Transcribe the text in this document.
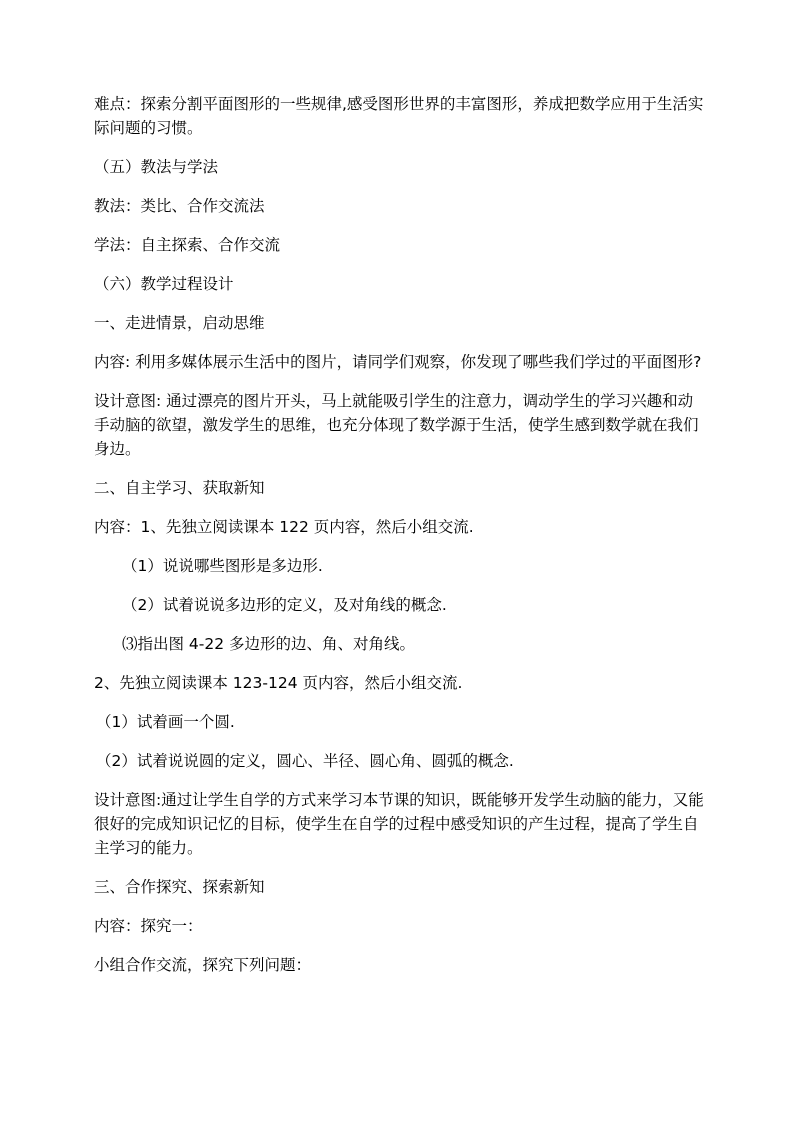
难点：探索分割平面图形的一些规律,感受图形世界的丰富图形，养成把数学应用于生活实际问题的习惯。

（五）教法与学法

教法：类比、合作交流法

学法：自主探索、合作交流

（六）教学过程设计

一、走进情景，启动思维

内容: 利用多媒体展示生活中的图片，请同学们观察，你发现了哪些我们学过的平面图形?

设计意图: 通过漂亮的图片开头，马上就能吸引学生的注意力，调动学生的学习兴趣和动手动脑的欲望，激发学生的思维，也充分体现了数学源于生活，使学生感到数学就在我们身边。

二、自主学习、获取新知

内容：1、先独立阅读课本 122 页内容，然后小组交流.

（1）说说哪些图形是多边形.

（2）试着说说多边形的定义，及对角线的概念.

⑶指出图 4-22 多边形的边、角、对角线。

2、先独立阅读课本 123-124 页内容，然后小组交流.

（1）试着画一个圆.

（2）试着说说圆的定义，圆心、半径、圆心角、圆弧的概念.

设计意图:通过让学生自学的方式来学习本节课的知识，既能够开发学生动脑的能力，又能很好的完成知识记忆的目标，使学生在自学的过程中感受知识的产生过程，提高了学生自主学习的能力。

三、合作探究、探索新知

内容：探究一：

小组合作交流，探究下列问题：
